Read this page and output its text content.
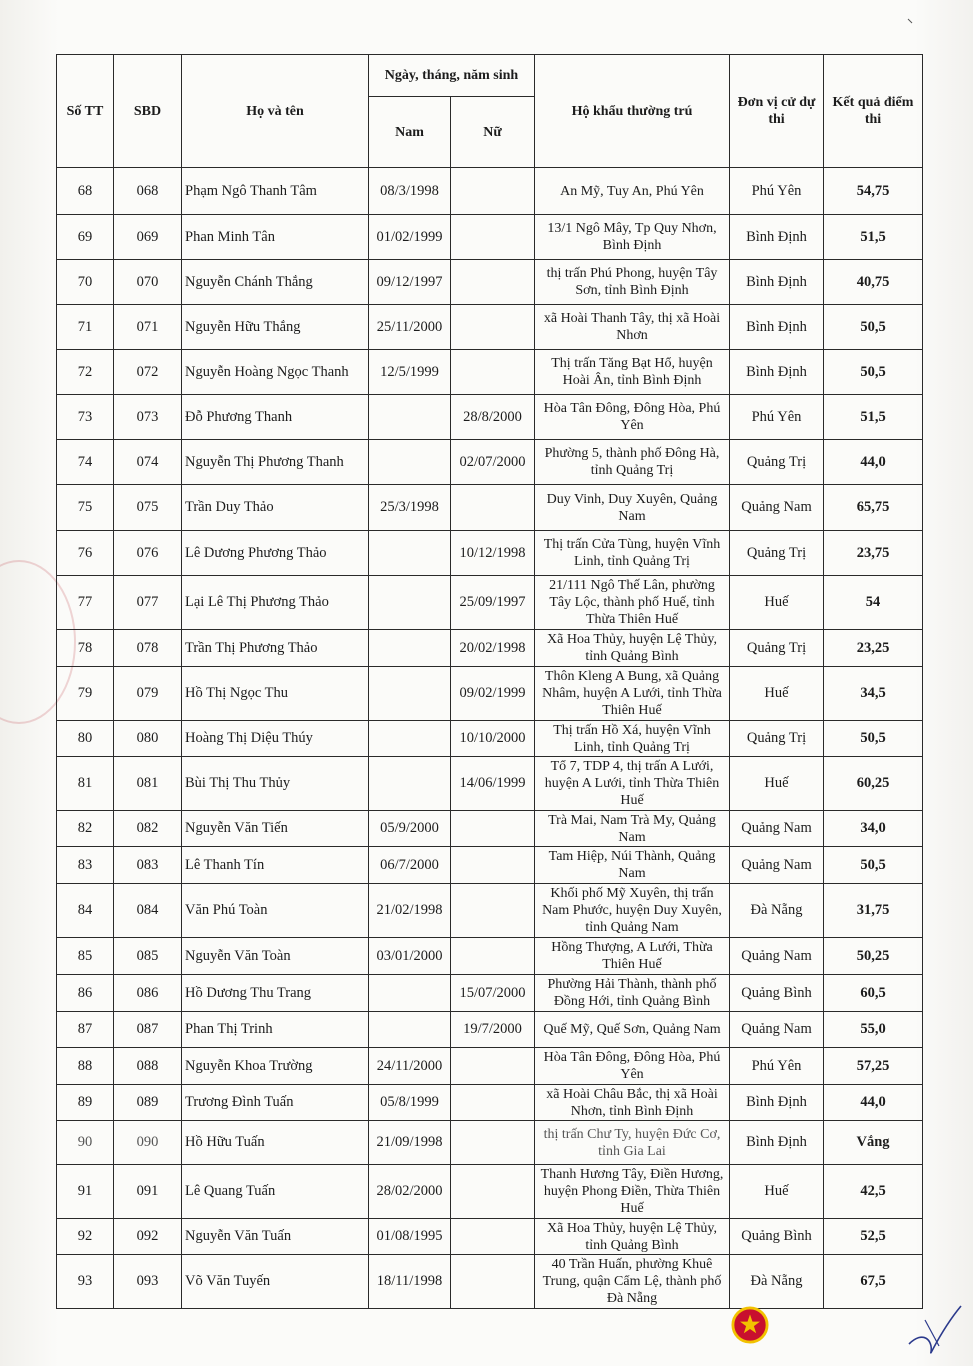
Số TT	SBD	Họ và tên	Ngày, tháng, năm sinh		Hộ khẩu thường trú	Đơn vị cử dự thi	Kết quả điểm thi
			Nam	Nữ			
68	068	Phạm Ngô Thanh Tâm	08/3/1998		An Mỹ, Tuy An, Phú Yên	Phú Yên	54,75
69	069	Phan Minh Tân	01/02/1999		13/1 Ngô Mây, Tp Quy Nhơn, Bình Định	Bình Định	51,5
70	070	Nguyễn Chánh Thắng	09/12/1997		thị trấn Phú Phong, huyện Tây Sơn, tỉnh Bình Định	Bình Định	40,75
71	071	Nguyễn Hữu Thắng	25/11/2000		xã Hoài Thanh Tây, thị xã Hoài Nhơn	Bình Định	50,5
72	072	Nguyễn Hoàng Ngọc Thanh	12/5/1999		Thị trấn Tăng Bạt Hổ, huyện Hoài Ân, tỉnh Bình Định	Bình Định	50,5
73	073	Đỗ Phương Thanh		28/8/2000	Hòa Tân Đông, Đông Hòa, Phú Yên	Phú Yên	51,5
74	074	Nguyễn Thị Phương Thanh		02/07/2000	Phường 5, thành phố Đông Hà, tỉnh Quảng Trị	Quảng Trị	44,0
75	075	Trần Duy Thảo	25/3/1998		Duy Vinh, Duy Xuyên, Quảng Nam	Quảng Nam	65,75
76	076	Lê Dương Phương Thảo		10/12/1998	Thị trấn Cửa Tùng, huyện Vĩnh Linh, tỉnh Quảng Trị	Quảng Trị	23,75
77	077	Lại Lê Thị Phương Thảo		25/09/1997	21/111 Ngô Thế Lân, phường Tây Lộc, thành phố Huế, tỉnh Thừa Thiên Huế	Huế	54
78	078	Trần Thị Phương Thảo		20/02/1998	Xã Hoa Thủy, huyện Lệ Thủy, tỉnh Quảng Bình	Quảng Trị	23,25
79	079	Hồ Thị Ngọc Thu		09/02/1999	Thôn Kleng A Bung, xã Quảng Nhâm, huyện A Lưới, tỉnh Thừa Thiên Huế	Huế	34,5
80	080	Hoàng Thị Diệu Thúy		10/10/2000	Thị trấn Hồ Xá, huyện Vĩnh Linh, tỉnh Quảng Trị	Quảng Trị	50,5
81	081	Bùi Thị Thu Thủy		14/06/1999	Tổ 7, TDP 4, thị trấn A Lưới, huyện A Lưới, tỉnh Thừa Thiên Huế	Huế	60,25
82	082	Nguyễn Văn Tiến	05/9/2000		Trà Mai, Nam Trà My, Quảng Nam	Quảng Nam	34,0
83	083	Lê Thanh Tín	06/7/2000		Tam Hiệp, Núi Thành, Quảng Nam	Quảng Nam	50,5
84	084	Văn Phú Toàn	21/02/1998		Khối phố Mỹ Xuyên, thị trấn Nam Phước, huyện Duy Xuyên, tỉnh Quảng Nam	Đà Nẵng	31,75
85	085	Nguyễn Văn Toàn	03/01/2000		Hồng Thượng, A Lưới, Thừa Thiên Huế	Quảng Nam	50,25
86	086	Hồ Dương Thu Trang		15/07/2000	Phường Hải Thành, thành phố Đồng Hới, tỉnh Quảng Bình	Quảng Bình	60,5
87	087	Phan Thị Trinh		19/7/2000	Quế Mỹ, Quế Sơn, Quảng Nam	Quảng Nam	55,0
88	088	Nguyễn Khoa Trường	24/11/2000		Hòa Tân Đông, Đông Hòa, Phú Yên	Phú Yên	57,25
89	089	Trương Đình Tuấn	05/8/1999		xã Hoài Châu Bắc, thị xã Hoài Nhơn, tỉnh Bình Định	Bình Định	44,0
90	090	Hồ Hữu Tuấn	21/09/1998		thị trấn Chư Ty, huyện Đức Cơ, tỉnh Gia Lai	Bình Định	Vắng
91	091	Lê Quang Tuấn	28/02/2000		Thanh Hương Tây, Điền Hương, huyện Phong Điền, Thừa Thiên Huế	Huế	42,5
92	092	Nguyễn Văn Tuấn	01/08/1995		Xã Hoa Thủy, huyện Lệ Thủy, tỉnh Quảng Bình	Quảng Bình	52,5
93	093	Võ Văn Tuyến	18/11/1998		40 Trần Huấn, phường Khuê Trung, quận Cẩm Lệ, thành phố Đà Nẵng	Đà Nẵng	67,5
